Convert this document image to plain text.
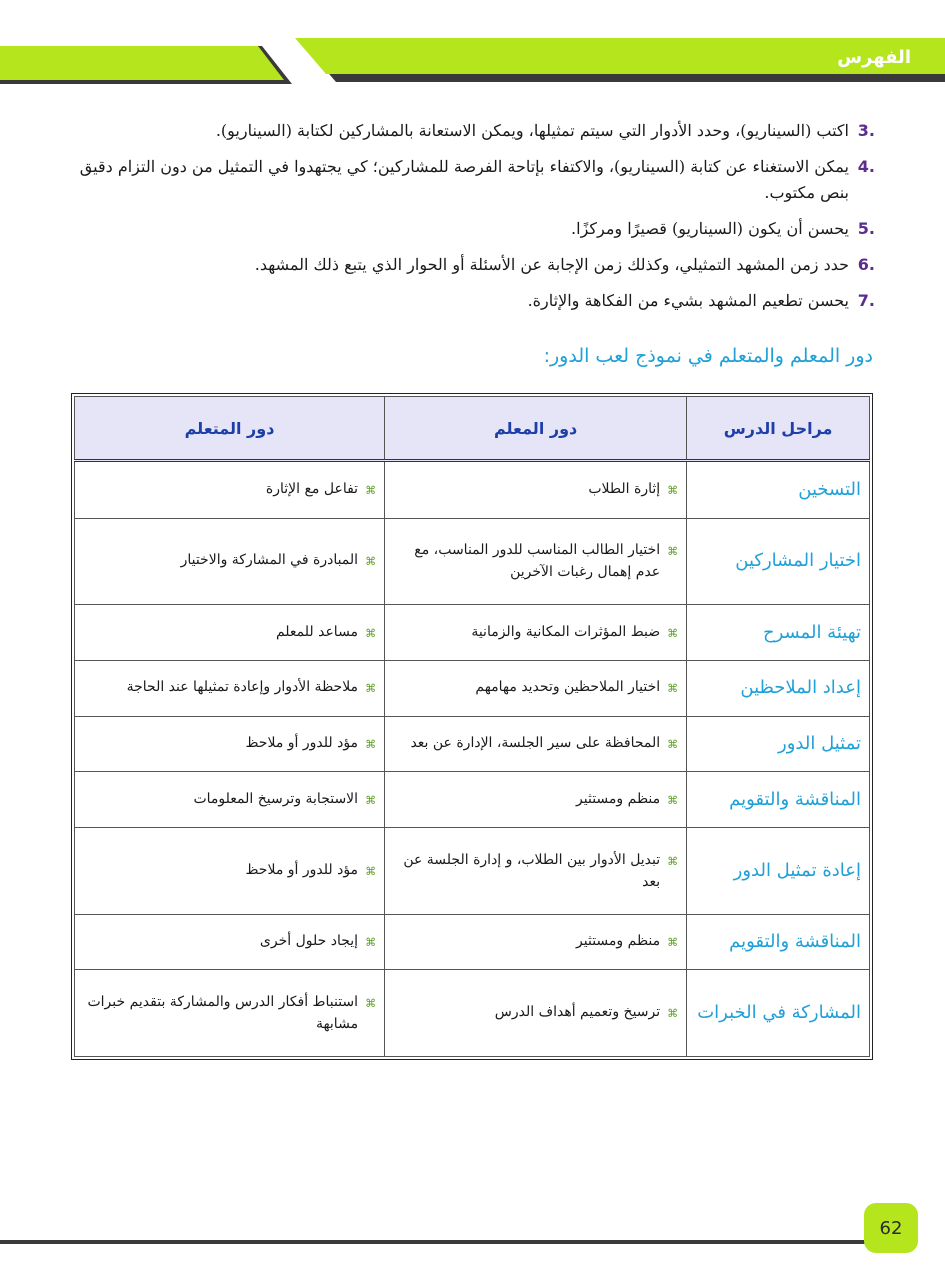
الفهرس
.3
اكتب (السيناريو)، وحدد الأدوار التي سيتم تمثيلها، ويمكن الاستعانة بالمشاركين لكتابة (السيناريو).
.4
يمكن الاستغناء عن كتابة (السيناريو)، والاكتفاء بإتاحة الفرصة للمشاركين؛ كي يجتهدوا في التمثيل من دون التزام دقيق بنص مكتوب.
.5
يحسن أن يكون (السيناريو) قصيرًا ومركزًا.
.6
حدد زمن المشهد التمثيلي، وكذلك زمن الإجابة عن الأسئلة أو الحوار الذي يتبع ذلك المشهد.
.7
يحسن تطعيم المشهد بشيء من الفكاهة والإثارة.
دور المعلم والمتعلم في نموذج لعب الدور:
مراحل الدرس	دور المعلم	دور المتعلم
التسخين	⌘
إثارة الطلاب	⌘
تفاعل مع الإثارة

اختيار المشاركين	⌘
اختيار الطالب المناسب للدور المناسب، مع عدم إهمال رغبات الآخرين	⌘
المبادرة في المشاركة والاختيار

تهيئة المسرح	⌘
ضبط المؤثرات المكانية والزمانية	⌘
مساعد للمعلم

إعداد الملاحظين	⌘
اختيار الملاحظين وتحديد مهامهم	⌘
ملاحظة الأدوار وإعادة تمثيلها عند الحاجة

تمثيل الدور	⌘
المحافظة على سير الجلسة، الإدارة عن بعد	⌘
مؤد للدور أو ملاحظ

المناقشة والتقويم	⌘
منظم ومستثير	⌘
الاستجابة وترسيخ المعلومات

إعادة تمثيل الدور	⌘
تبديل الأدوار بين الطلاب، و إدارة الجلسة عن بعد	⌘
مؤد للدور أو ملاحظ

المناقشة والتقويم	⌘
منظم ومستثير	⌘
إيجاد حلول أخرى

المشاركة في الخبرات	⌘
ترسيخ وتعميم أهداف الدرس	⌘
استنباط أفكار الدرس والمشاركة بتقديم خبرات مشابهة
62
